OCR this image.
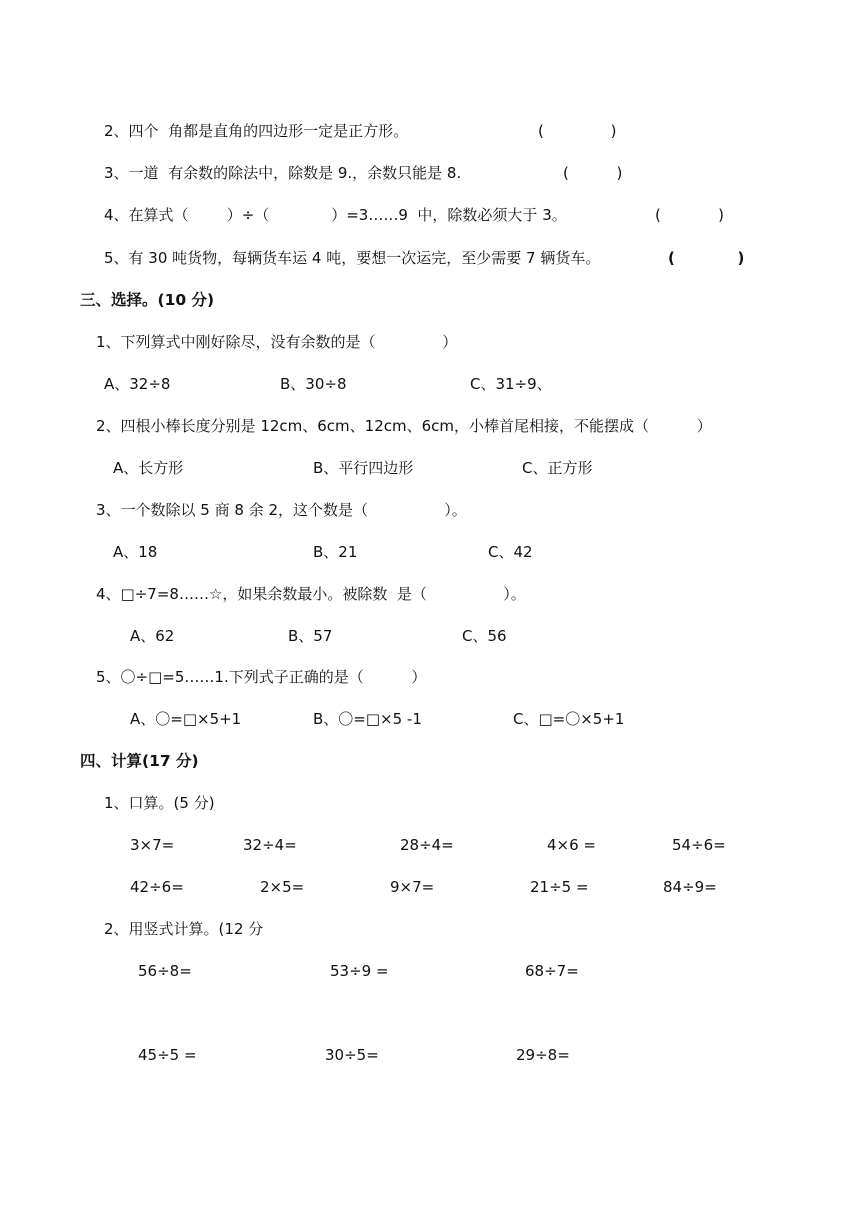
2、四个  角都是直角的四边形一定是正方形。	(              )
3、一道  有余数的除法中，除数是 9.，余数只能是 8.	(          )
4、在算式（        ）÷（             ）=3……9  中，除数必须大于 3。	(            )
5、有 30 吨货物，每辆货车运 4 吨，要想一次运完，至少需要 7 辆货车。	(            )
三、选择。(10 分)
1、下列算式中刚好除尽，没有余数的是（              ）
A、32÷8	B、30÷8	C、31÷9、
2、四根小棒长度分别是 12cm、6cm、12cm、6cm，小棒首尾相接，不能摆成（          ）
A、长方形	B、平行四边形	C、正方形
3、一个数除以 5 商 8 余 2，这个数是（                ）。
A、18	B、21	C、42
4、□÷7=8……☆，如果余数最小。被除数  是（                ）。
A、62	B、57	C、56
5、〇÷□=5……1.下列式子正确的是（          ）
A、〇=□×5+1	B、〇=□×5 -1	C、□=〇×5+1
四、计算(17 分)
1、口算。(5 分)
3×7=	32÷4=	28÷4=	4×6 =	54÷6=
42÷6=	2×5=	9×7=	21÷5 =	84÷9=
2、用竖式计算。(12 分
56÷8=	53÷9 =	68÷7=
45÷5 =	30÷5=	29÷8=
